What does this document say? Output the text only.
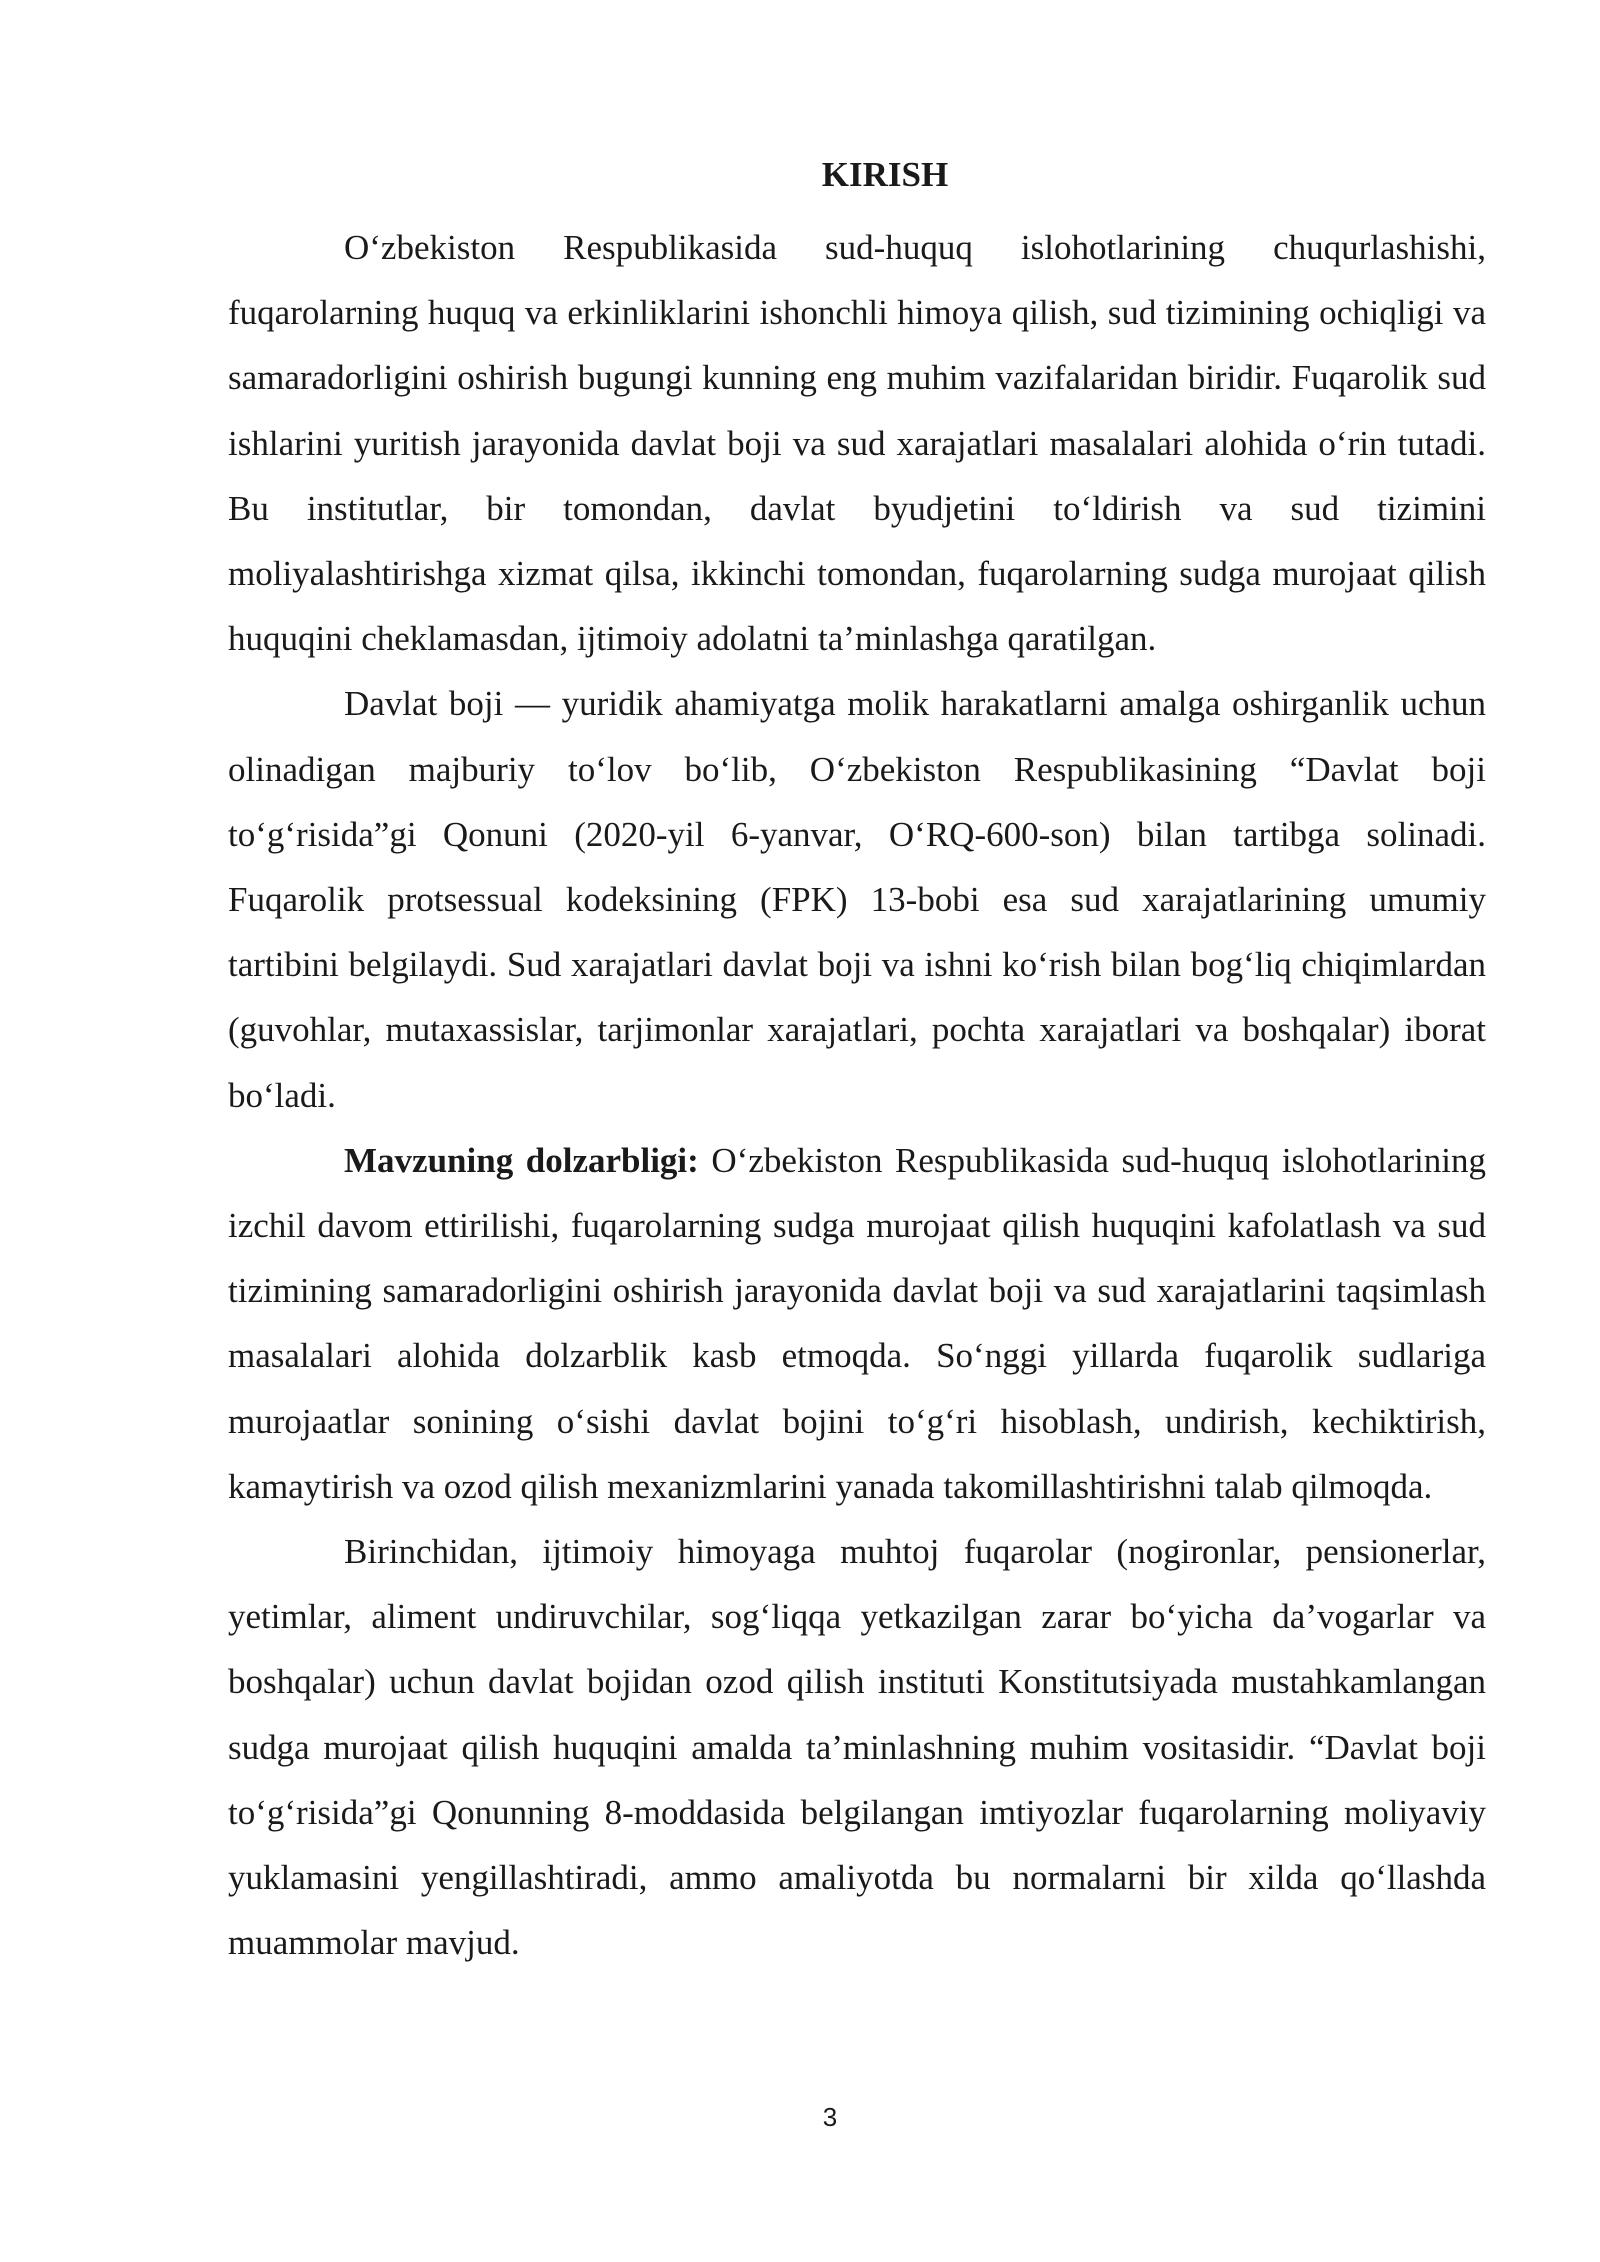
KIRISH

O‘zbekiston Respublikasida sud-huquq islohotlarining chuqurlashishi, fuqarolarning huquq va erkinliklarini ishonchli himoya qilish, sud tizimining ochiqligi va samaradorligini oshirish bugungi kunning eng muhim vazifalaridan biridir. Fuqarolik sud ishlarini yuritish jarayonida davlat boji va sud xarajatlari masalalari alohida o‘rin tutadi. Bu institutlar, bir tomondan, davlat byudjetini to‘ldirish va sud tizimini moliyalashtirishga xizmat qilsa, ikkinchi tomondan, fuqarolarning sudga murojaat qilish huquqini cheklamasdan, ijtimoiy adolatni ta’minlashga qaratilgan.

Davlat boji — yuridik ahamiyatga molik harakatlarni amalga oshirganlik uchun olinadigan majburiy to‘lov bo‘lib, O‘zbekiston Respublikasining “Davlat boji to‘g‘risida”gi Qonuni (2020-yil 6-yanvar, O‘RQ-600-son) bilan tartibga solinadi. Fuqarolik protsessual kodeksining (FPK) 13-bobi esa sud xarajatlarining umumiy tartibini belgilaydi. Sud xarajatlari davlat boji va ishni ko‘rish bilan bog‘liq chiqimlardan (guvohlar, mutaxassislar, tarjimonlar xarajatlari, pochta xarajatlari va boshqalar) iborat bo‘ladi.

Mavzuning dolzarbligi: O‘zbekiston Respublikasida sud-huquq islohotlarining izchil davom ettirilishi, fuqarolarning sudga murojaat qilish huquqini kafolatlash va sud tizimining samaradorligini oshirish jarayonida davlat boji va sud xarajatlarini taqsimlash masalalari alohida dolzarblik kasb etmoqda. So‘nggi yillarda fuqarolik sudlariga murojaatlar sonining o‘sishi davlat bojini to‘g‘ri hisoblash, undirish, kechiktirish, kamaytirish va ozod qilish mexanizmlarini yanada takomillashtirishni talab qilmoqda.

Birinchidan, ijtimoiy himoyaga muhtoj fuqarolar (nogironlar, pensionerlar, yetimlar, aliment undiruvchilar, sog‘liqqa yetkazilgan zarar bo‘yicha da’vogarlar va boshqalar) uchun davlat bojidan ozod qilish instituti Konstitutsiyada mustahkamlangan sudga murojaat qilish huquqini amalda ta’minlashning muhim vositasidir. “Davlat boji to‘g‘risida”gi Qonunning 8-moddasida belgilangan imtiyozlar fuqarolarning moliyaviy yuklamasini yengillashtiradi, ammo amaliyotda bu normalarni bir xilda qo‘llashda muammolar mavjud.

3
